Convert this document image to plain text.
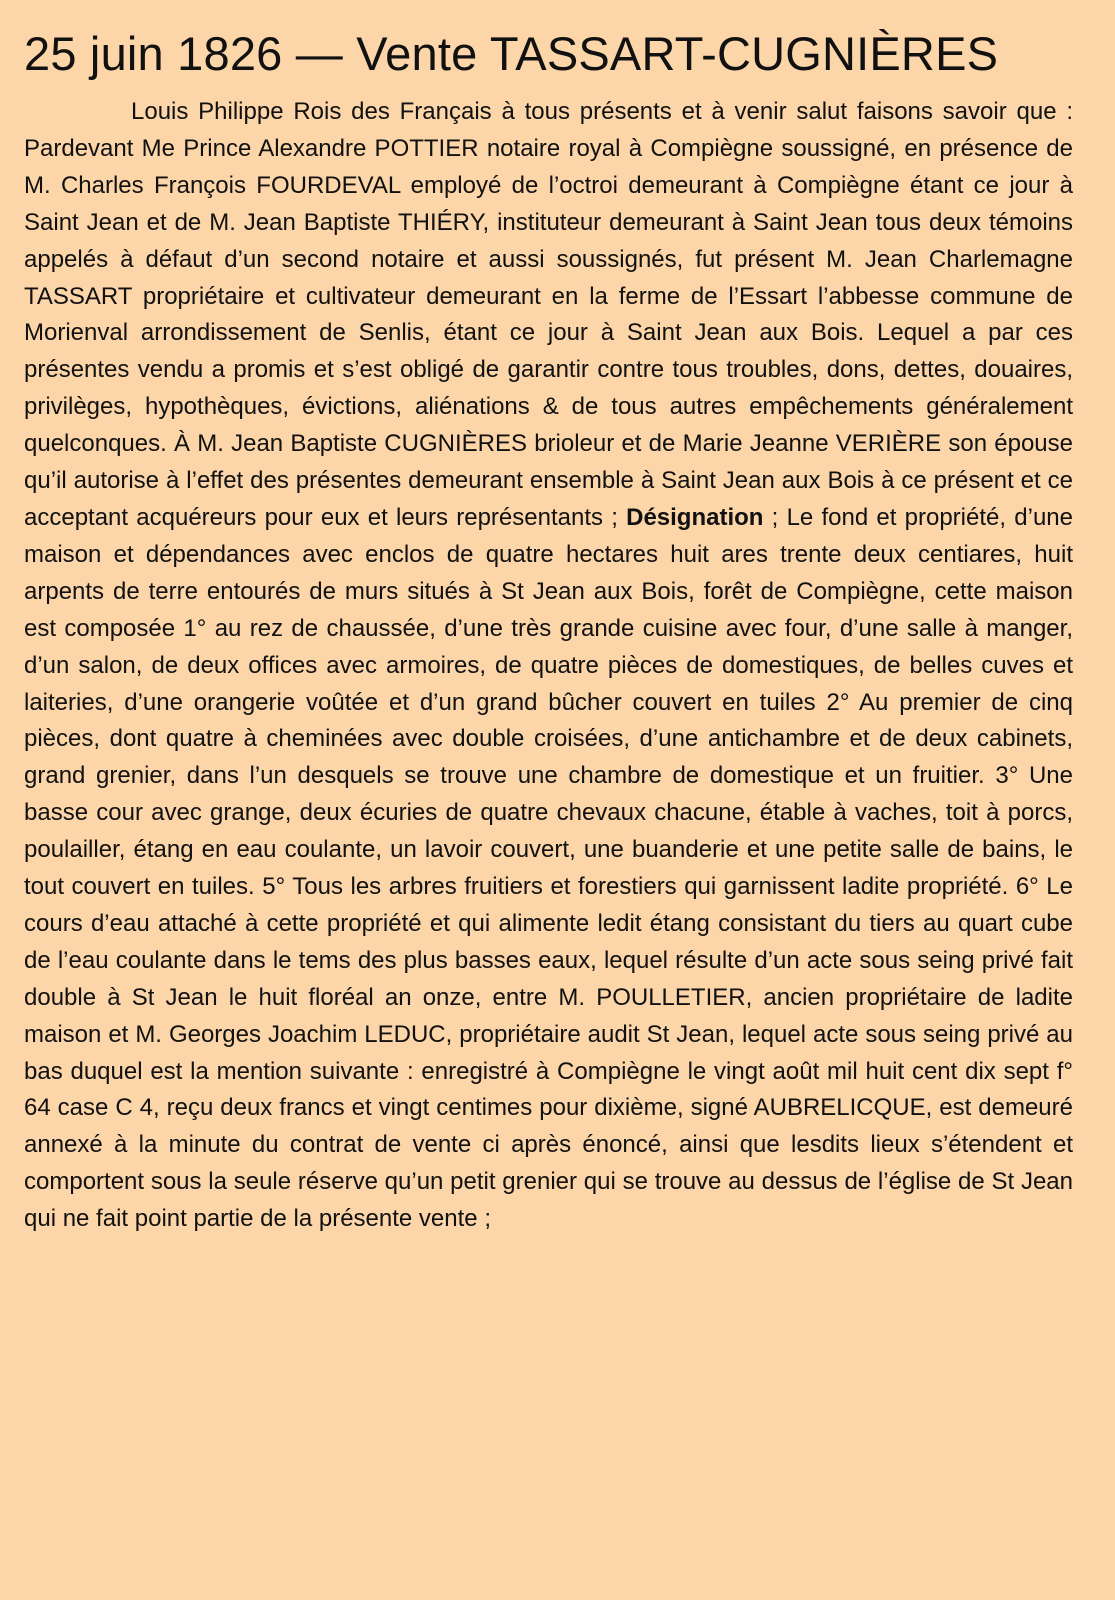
25 juin 1826 — Vente TASSART-CUGNIÈRES

Louis Philippe Rois des Français à tous présents et à venir salut faisons savoir que : Pardevant Me Prince Alexandre POTTIER notaire royal à Compiègne soussigné, en présence de M. Charles François FOURDEVAL employé de l’octroi demeurant à Compiègne étant ce jour à Saint Jean et de M. Jean Baptiste THIÉRY, instituteur demeurant à Saint Jean tous deux témoins appelés à défaut d’un second notaire et aussi soussignés, fut présent M. Jean Charlemagne TASSART propriétaire et cultivateur demeurant en la ferme de l’Essart l’abbesse commune de Morienval arrondissement de Senlis, étant ce jour à Saint Jean aux Bois. Lequel a par ces présentes vendu a promis et s’est obligé de garantir contre tous troubles, dons, dettes, douaires, privilèges, hypothèques, évictions, aliénations & de tous autres empêchements généralement quelconques. À M. Jean Baptiste CUGNIÈRES brioleur et de Marie Jeanne VERIÈRE son épouse qu’il autorise à l’effet des présentes demeurant ensemble à Saint Jean aux Bois à ce présent et ce acceptant acquéreurs pour eux et leurs représentants ; Désignation ; Le fond et propriété, d’une maison et dépendances avec enclos de quatre hectares huit ares trente deux centiares, huit arpents de terre entourés de murs situés à St Jean aux Bois, forêt de Compiègne, cette maison est composée 1° au rez de chaussée, d’une très grande cuisine avec four, d’une salle à manger, d’un salon, de deux offices avec armoires, de quatre pièces de domestiques, de belles cuves et laiteries, d’une orangerie voûtée et d’un grand bûcher couvert en tuiles 2° Au premier de cinq pièces, dont quatre à cheminées avec double croisées, d’une antichambre et de deux cabinets, grand grenier, dans l’un desquels se trouve une chambre de domestique et un fruitier. 3° Une basse cour avec grange, deux écuries de quatre chevaux chacune, étable à vaches, toit à porcs, poulailler, étang en eau coulante, un lavoir couvert, une buanderie et une petite salle de bains, le tout couvert en tuiles. 5° Tous les arbres fruitiers et forestiers qui garnissent ladite propriété. 6° Le cours d’eau attaché à cette propriété et qui alimente ledit étang consistant du tiers au quart cube de l’eau coulante dans le tems des plus basses eaux, lequel résulte d’un acte sous seing privé fait double à St Jean le huit floréal an onze, entre M. POULLETIER, ancien propriétaire de ladite maison et M. Georges Joachim LEDUC, propriétaire audit St Jean, lequel acte sous seing privé au bas duquel est la mention suivante : enregistré à Compiègne le vingt août mil huit cent dix sept f° 64 case C 4, reçu deux francs et vingt centimes pour dixième, signé AUBRELICQUE, est demeuré annexé à la minute du contrat de vente ci après énoncé, ainsi que lesdits lieux s’étendent et comportent sous la seule réserve qu’un petit grenier qui se trouve au dessus de l’église de St Jean qui ne fait point partie de la présente vente ;
